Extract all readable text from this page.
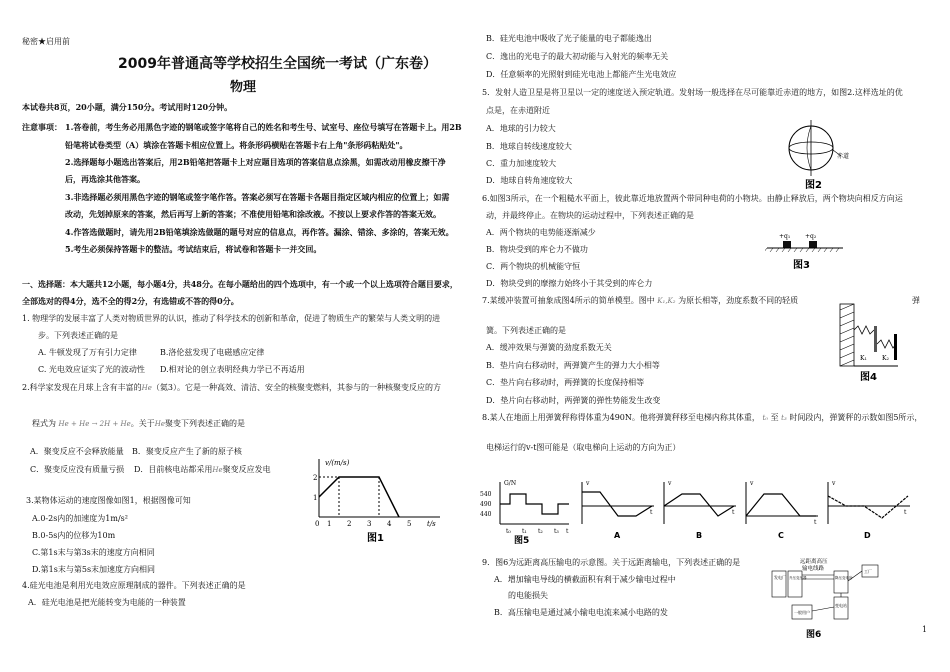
秘密★启用前
2009年普通高等学校招生全国统一考试（广东卷）
物理
本试卷共8页，20小题，满分150分。考试用时120分钟。
注意事项： 1.答卷前，考生务必用黑色字迹的钢笔或签字笔将自己的姓名和考生号、试室号、座位号填写在答题卡上。用2B
铅笔将试卷类型（A）填涂在答题卡相应位置上。将条形码横贴在答题卡右上角"条形码粘贴处"。
2.选择题每小题选出答案后，用2B铅笔把答题卡上对应题目选项的答案信息点涂黑，如需改动用橡皮擦干净
后，再选涂其他答案。
3.非选择题必须用黑色字迹的钢笔或签字笔作答。答案必须写在答题卡各题目指定区域内相应的位置上；如需
改动，先划掉原来的答案，然后再写上新的答案；不准使用铅笔和涂改液。不按以上要求作答的答案无效。
4.作答选做题时，请先用2B铅笔填涂选做题的题号对应的信息点，再作答。漏涂、错涂、多涂的，答案无效。
5.考生必须保持答题卡的整洁。考试结束后，将试卷和答题卡一并交回。
一、选择题：本大题共12小题，每小题4分，共48分。在每小题给出的四个选项中，有一个或一个以上选项符合题目要求，
全部选对的得4分，选不全的得2分，有选错或不答的得0分。
1. 物理学的发展丰富了人类对物质世界的认识，推动了科学技术的创新和革命，促进了物质生产的繁荣与人类文明的进
步。下列表述正确的是
A. 牛顿发现了万有引力定律	B.洛伦兹发现了电磁感应定律
C. 光电效应证实了光的波动性 D.相对论的创立表明经典力学已不再适用
2.科学家发现在月球上含有丰富的He（氦3）。它是一种高效、清洁、安全的核聚变燃料，其参与的一种核聚变反应的方
程式为 He + He → 2H + He。关于He聚变下列表述正确的是
A．聚变反应不会释放能量 B．聚变反应产生了新的原子核
C．聚变反应没有质量亏损 D．目前核电站都采用He聚变反应发电
3.某物体运动的速度图像如图1，根据图像可知
A.0-2s内的加速度为1m/s²
B.0-5s内的位移为10m
C.第1s末与第3s末的速度方向相同
D.第1s末与第5s末加速度方向相同
v/(m/s)
2
1
0 1 2 3 4 5 t/s
图1
4.硅光电池是利用光电效应原理制成的器件。下列表述正确的是
A．硅光电池是把光能转变为电能的一种装置
B．硅光电池中吸收了光子能量的电子都能逸出
C．逸出的光电子的最大初动能与入射光的频率无关
D．任意频率的光照射到硅光电池上都能产生光电效应
5．发射人造卫星是将卫星以一定的速度送入预定轨道。发射场一般选择在尽可能靠近赤道的地方，如图2.这样选址的优
点是，在赤道附近
A．地球的引力较大
B．地球自转线速度较大
C．重力加速度较大
D．地球自转角速度较大
赤道
图2
6.如图3所示，在一个粗糙水平面上，彼此靠近地放置两个带同种电荷的小物块。由静止释放后，两个物块向相反方向运
动，并最终停止。在物块的运动过程中，下列表述正确的是
A．两个物块的电势能逐渐减少
B．物块受到的库仑力不做功
C．两个物块的机械能守恒
D．物块受到的摩擦力始终小于其受到的库仑力
+q₁ +q₂
图3
7.某缓冲装置可抽象成图4所示的简单模型。图中 K₁,K₂ 为原长相等，劲度系数不同的轻质	弹
簧。下列表述正确的是
A．缓冲效果与弹簧的劲度系数无关
B．垫片向右移动时，两弹簧产生的弹力大小相等
C．垫片向右移动时，两弹簧的长度保持相等
D．垫片向右移动时，两弹簧的弹性势能发生改变
K₁	K₂
图4
8.某人在地面上用弹簧秤称得体重为490N。他将弹簧秤移至电梯内称其体重， t₀ 至 t₃ 时间段内，弹簧秤的示数如图5所示，
电梯运行的v-t图可能是（取电梯向上运动的方向为正）
G/N
540
490
440
t₀ t₁ t₂ t₃ t
图5
v
t
A
v
t
B
v
t
C
v
t
D
9．图6为远距离高压输电的示意图。关于远距离输电，下列表述正确的是
A．增加输电导线的横截面积有利于减少输电过程中
的电能损失
B．高压输电是通过减小输电电流来减小电路的发
远距离高压
输电线路
发电厂 升压变压器	降压变电所
变电站
工厂
一般用户
图6
1
